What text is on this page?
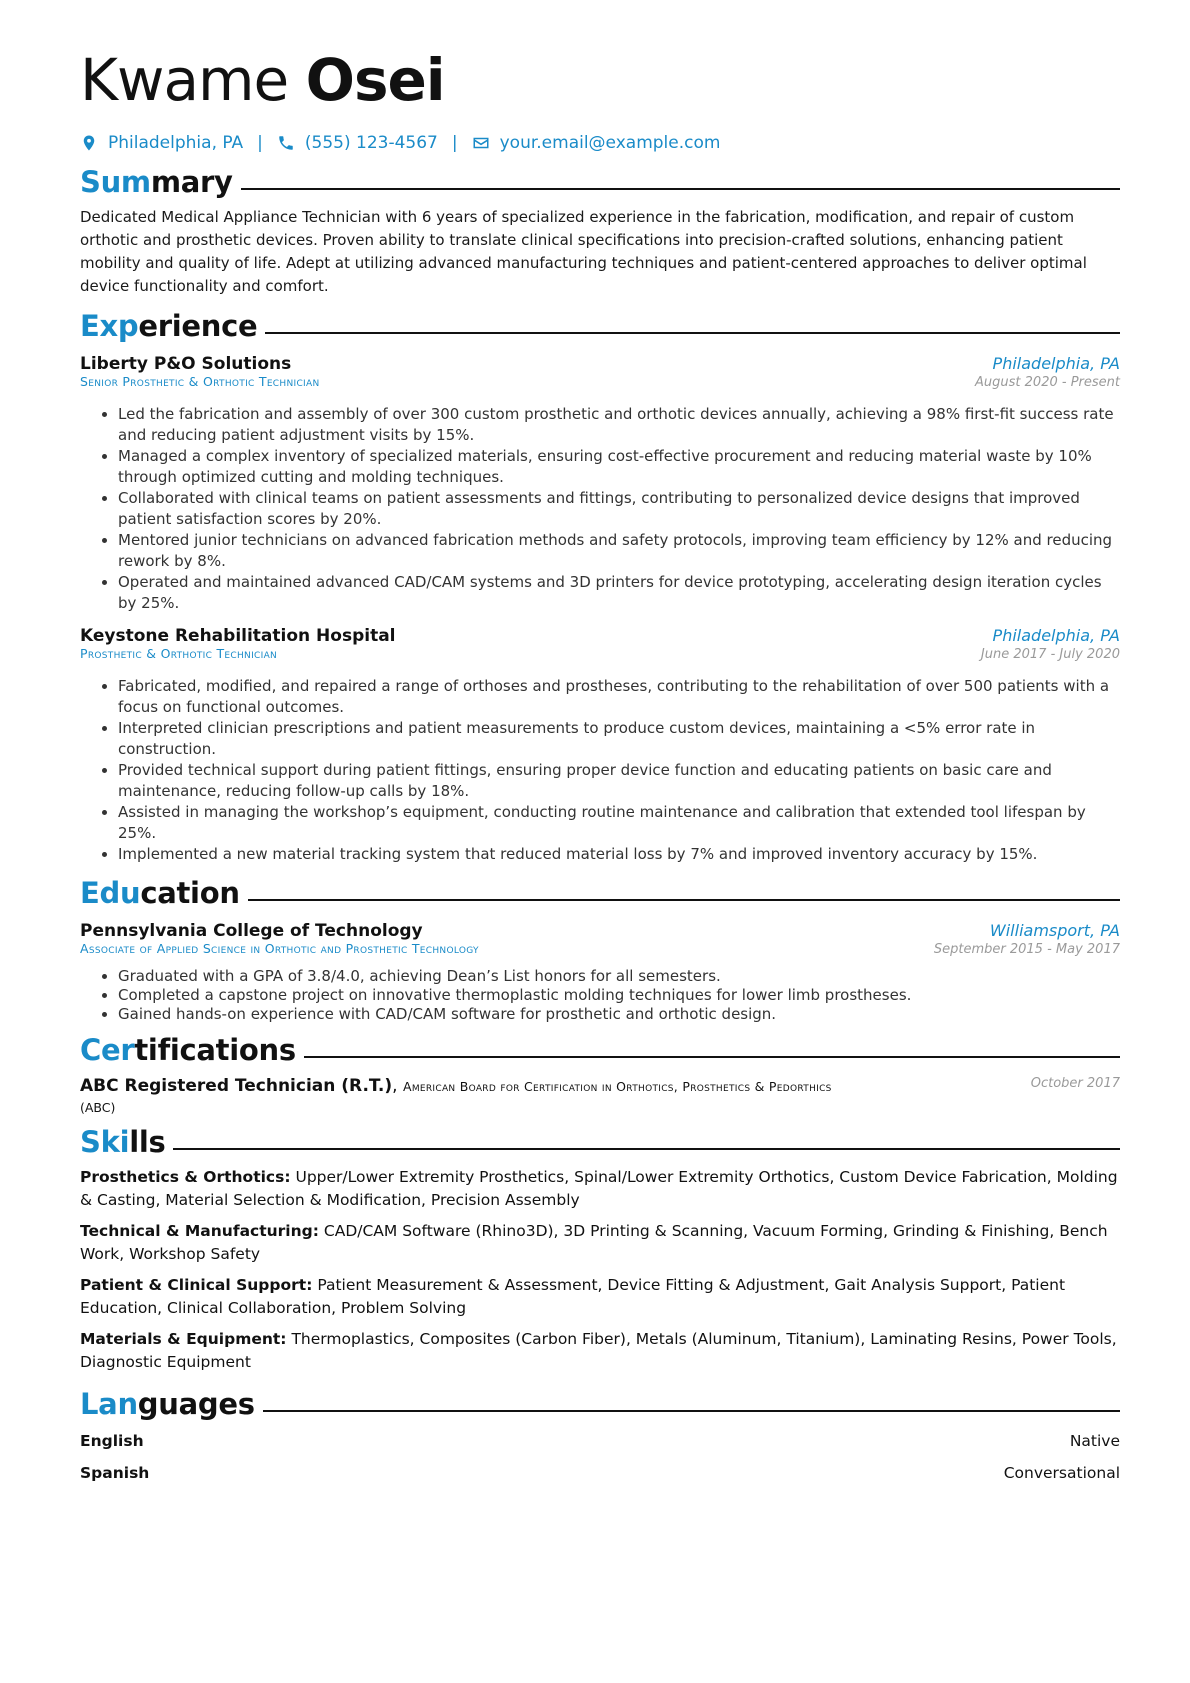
Kwame Osei
Philadelphia, PA | (555) 123-4567 | your.email@example.com
Summary

Dedicated Medical Appliance Technician with 6 years of specialized experience in the fabrication, modification, and repair of custom orthotic and prosthetic devices. Proven ability to translate clinical specifications into precision-crafted solutions, enhancing patient mobility and quality of life. Adept at utilizing advanced manufacturing techniques and patient-centered approaches to deliver optimal device functionality and comfort.

Experience
Liberty P&O Solutions	Philadelphia, PA
Senior Prosthetic & Orthotic Technician	August 2020 - Present
• Led the fabrication and assembly of over 300 custom prosthetic and orthotic devices annually, achieving a 98% first-fit success rate and reducing patient adjustment visits by 15%.
• Managed a complex inventory of specialized materials, ensuring cost-effective procurement and reducing material waste by 10% through optimized cutting and molding techniques.
• Collaborated with clinical teams on patient assessments and fittings, contributing to personalized device designs that improved patient satisfaction scores by 20%.
• Mentored junior technicians on advanced fabrication methods and safety protocols, improving team efficiency by 12% and reducing rework by 8%.
• Operated and maintained advanced CAD/CAM systems and 3D printers for device prototyping, accelerating design iteration cycles by 25%.
Keystone Rehabilitation Hospital	Philadelphia, PA
Prosthetic & Orthotic Technician	June 2017 - July 2020
• Fabricated, modified, and repaired a range of orthoses and prostheses, contributing to the rehabilitation of over 500 patients with a focus on functional outcomes.
• Interpreted clinician prescriptions and patient measurements to produce custom devices, maintaining a <5% error rate in construction.
• Provided technical support during patient fittings, ensuring proper device function and educating patients on basic care and maintenance, reducing follow-up calls by 18%.
• Assisted in managing the workshop’s equipment, conducting routine maintenance and calibration that extended tool lifespan by 25%.
• Implemented a new material tracking system that reduced material loss by 7% and improved inventory accuracy by 15%.
Education
Pennsylvania College of Technology	Williamsport, PA
Associate of Applied Science in Orthotic and Prosthetic Technology	September 2015 - May 2017
• Graduated with a GPA of 3.8/4.0, achieving Dean’s List honors for all semesters.
• Completed a capstone project on innovative thermoplastic molding techniques for lower limb prostheses.
• Gained hands-on experience with CAD/CAM software for prosthetic and orthotic design.
Certifications
ABC Registered Technician (R.T.), American Board for Certification in Orthotics, Prosthetics & Pedorthics
(ABC)
October 2017
Skills
Prosthetics & Orthotics: Upper/Lower Extremity Prosthetics, Spinal/Lower Extremity Orthotics, Custom Device Fabrication, Molding & Casting, Material Selection & Modification, Precision Assembly
Technical & Manufacturing: CAD/CAM Software (Rhino3D), 3D Printing & Scanning, Vacuum Forming, Grinding & Finishing, Bench Work, Workshop Safety
Patient & Clinical Support: Patient Measurement & Assessment, Device Fitting & Adjustment, Gait Analysis Support, Patient Education, Clinical Collaboration, Problem Solving
Materials & Equipment: Thermoplastics, Composites (Carbon Fiber), Metals (Aluminum, Titanium), Laminating Resins, Power Tools, Diagnostic Equipment
Languages
English	Native
Spanish	Conversational
